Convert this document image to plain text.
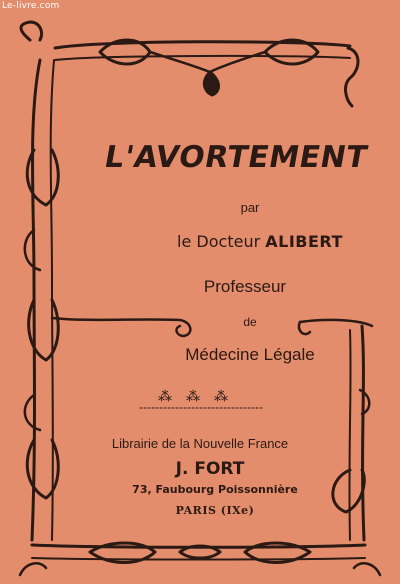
Le-livre.com
L'AVORTEMENT
par
le Docteur ALIBERT
Professeur
de
Médecine Légale
⁂⁂⁂
Librairie de la Nouvelle France
J. FORT
73, Faubourg Poissonnière
PARIS (IXe)
